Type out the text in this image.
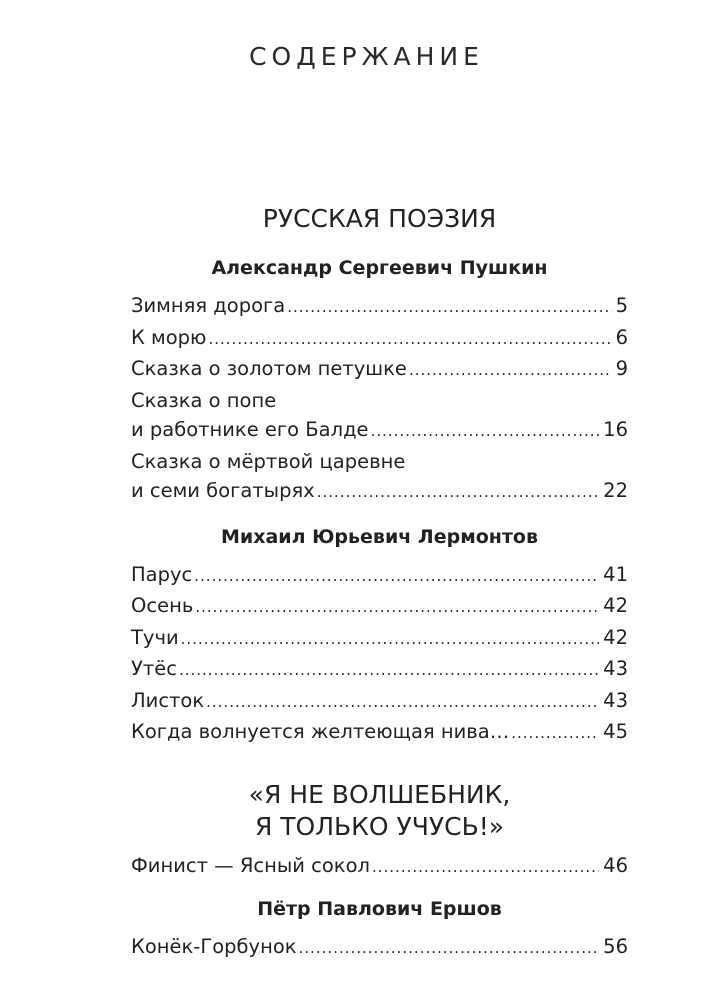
СОДЕРЖАНИЕ
РУССКАЯ ПОЭЗИЯ
Александр Сергеевич Пушкин
Зимняя дорога .....	5
К морю .....	6
Сказка о золотом петушке .....	9
Сказка о попе
и работнике его Балде .....	16
Сказка о мёртвой царевне
и семи богатырях .....	22
Михаил Юрьевич Лермонтов
Парус .....	41
Осень .....	42
Тучи .....	42
Утёс .....	43
Листок .....	43
Когда волнуется желтеющая нива… .....	45
«Я НЕ ВОЛШЕБНИК,
Я ТОЛЬКО УЧУСЬ!»
Финист — Ясный сокол .....	46
Пётр Павлович Ершов
Конёк-Горбунок .....	56
